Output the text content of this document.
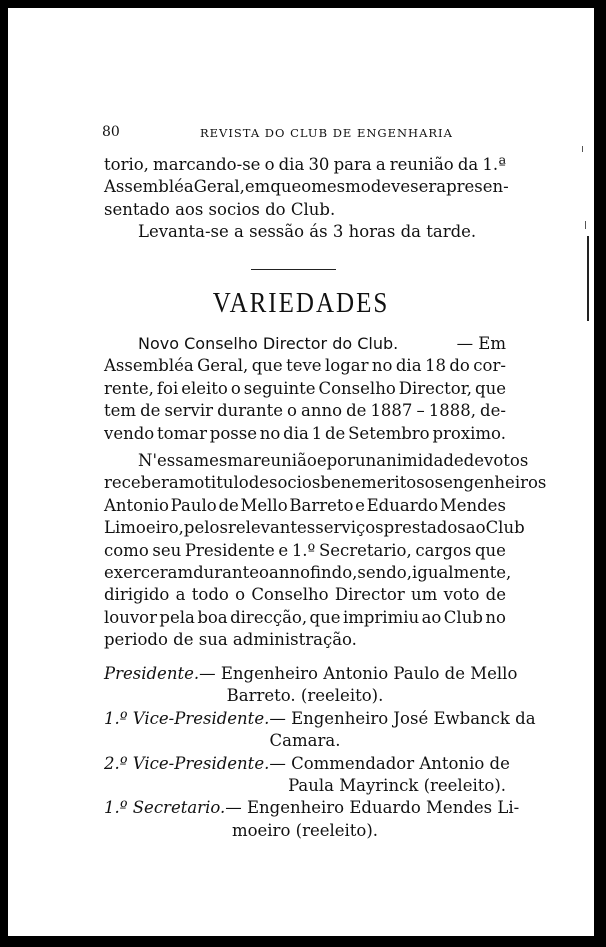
80	REVISTA DO CLUB DE ENGENHARIA
torio, marcando-se o dia 30 para a reunião da 1.ª
Assembléa Geral, em que o mesmo deve ser apresen-
sentado aos socios do Club.
Levanta-se a sessão ás 3 horas da tarde.
VARIEDADES
Novo Conselho Director do Club.	— Em
Assembléa Geral, que teve logar no dia 18 do cor-
rente, foi eleito o seguinte Conselho Director, que
tem de servir durante o anno de 1887 – 1888, de-
vendo tomar posse no dia 1 de Setembro proximo.
N'essa mesma reunião e por unanimidade de votos
receberam o titulo de socios benemeritos os engenheiros
Antonio Paulo de Mello Barreto e Eduardo Mendes
Limoeiro, pelos relevantes serviços prestados ao Club
como seu Presidente e 1.º Secretario, cargos que
exerceram durante o anno findo, sendo, igualmente,
dirigido a todo o Conselho Director um voto de
louvor pela boa direcção, que imprimiu ao Club no
periodo de sua administração.
Presidente. — Engenheiro Antonio Paulo de Mello
Barreto. (reeleito).
1.º Vice-Presidente. — Engenheiro José Ewbanck da
Camara.
2.º Vice-Presidente. — Commendador Antonio de
Paula Mayrinck (reeleito).
1.º Secretario. — Engenheiro Eduardo Mendes Li-
moeiro (reeleito).
